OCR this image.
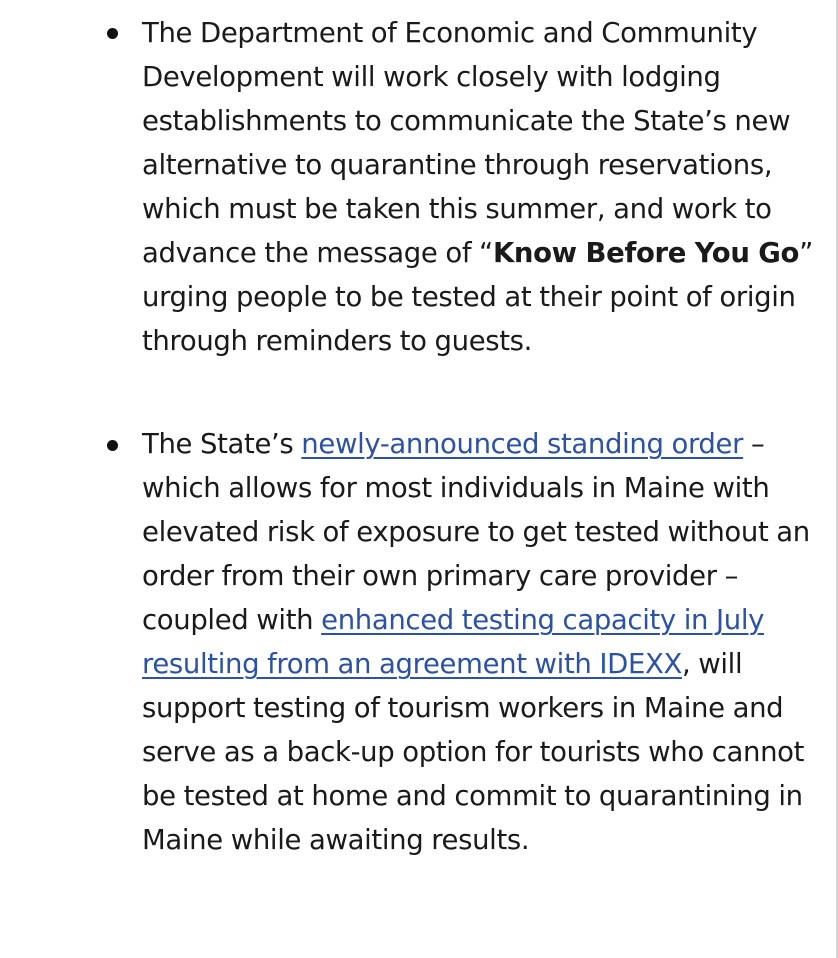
The Department of Economic and Community Development will work closely with lodging establishments to communicate the State’s new alternative to quarantine through reservations, which must be taken this summer, and work to advance the message of “Know Before You Go” urging people to be tested at their point of origin through reminders to guests.

The State’s newly-announced standing order –which allows for most individuals in Maine with elevated risk of exposure to get tested without an order from their own primary care provider – coupled with enhanced testing capacity in July resulting from an agreement with IDEXX, will support testing of tourism workers in Maine and serve as a back-up option for tourists who cannot be tested at home and commit to quarantining in Maine while awaiting results.
